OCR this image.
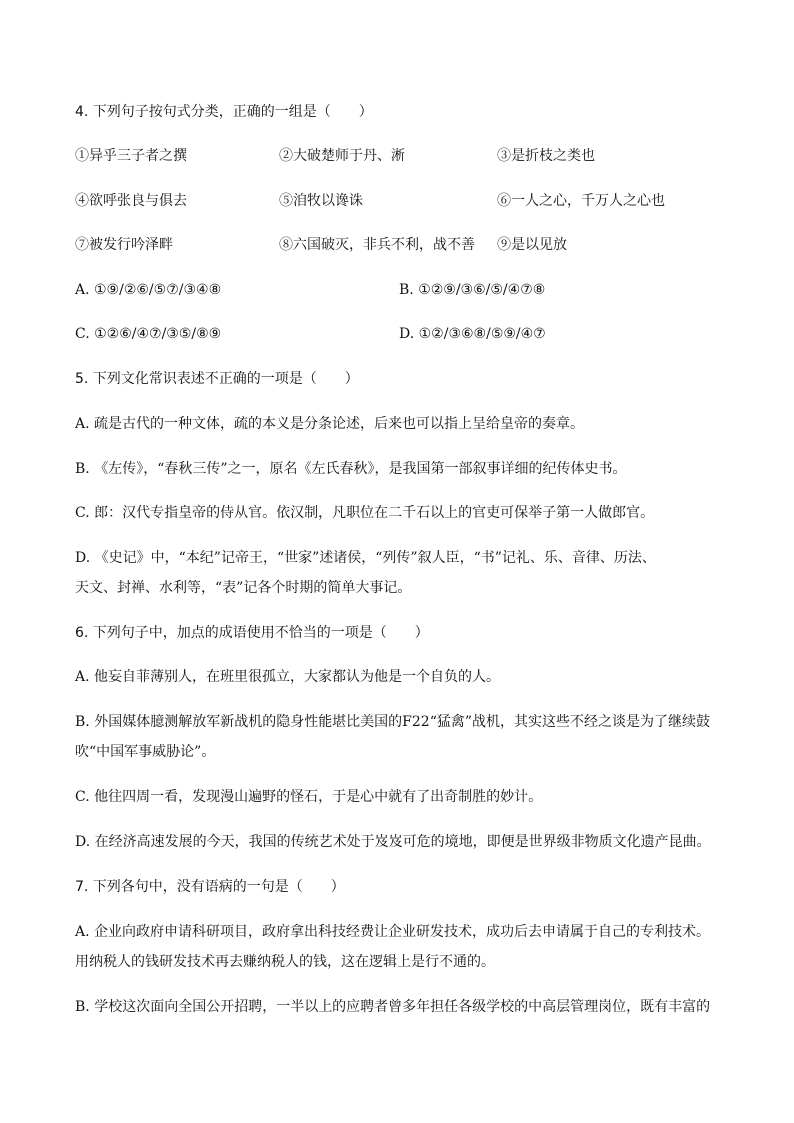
4. 下列句子按句式分类，正确的一组是（　　）
①异乎三子者之撰	②大破楚师于丹、淅	③是折枝之类也
④欲呼张良与俱去	⑤洎牧以谗诛	⑥一人之心，千万人之心也
⑦被发行吟泽畔	⑧六国破灭，非兵不利，战不善 ⑨是以见放
A. ①⑨/②⑥/⑤⑦/③④⑧	B. ①②⑨/③⑥/⑤/④⑦⑧
C. ①②⑥/④⑦/③⑤/⑧⑨	D. ①②/③⑥⑧/⑤⑨/④⑦
5. 下列文化常识表述不正确的一项是（　　）
A. 疏是古代的一种文体，疏的本义是分条论述，后来也可以指上呈给皇帝的奏章。
B. 《左传》，“春秋三传”之一，原名《左氏春秋》，是我国第一部叙事详细的纪传体史书。
C. 郎：汉代专指皇帝的侍从官。依汉制，凡职位在二千石以上的官吏可保举子第一人做郎官。
D. 《史记》中，“本纪”记帝王，“世家”述诸侯，“列传”叙人臣，“书”记礼、乐、音律、历法、
天文、封禅、水利等，“表”记各个时期的简单大事记。
6. 下列句子中，加点的成语使用不恰当的一项是（　　）
A. 他妄自菲薄别人，在班里很孤立，大家都认为他是一个自负的人。
B. 外国媒体臆测解放军新战机的隐身性能堪比美国的F22“猛禽”战机，其实这些不经之谈是为了继续鼓
吹“中国军事威胁论”。
C. 他往四周一看，发现漫山遍野的怪石，于是心中就有了出奇制胜的妙计。
D. 在经济高速发展的今天，我国的传统艺术处于岌岌可危的境地，即便是世界级非物质文化遗产昆曲。
7. 下列各句中，没有语病的一句是（　　）
A. 企业向政府申请科研项目，政府拿出科技经费让企业研发技术，成功后去申请属于自己的专利技术。
用纳税人的钱研发技术再去赚纳税人的钱，这在逻辑上是行不通的。
B. 学校这次面向全国公开招聘，一半以上的应聘者曾多年担任各级学校的中高层管理岗位，既有丰富的
